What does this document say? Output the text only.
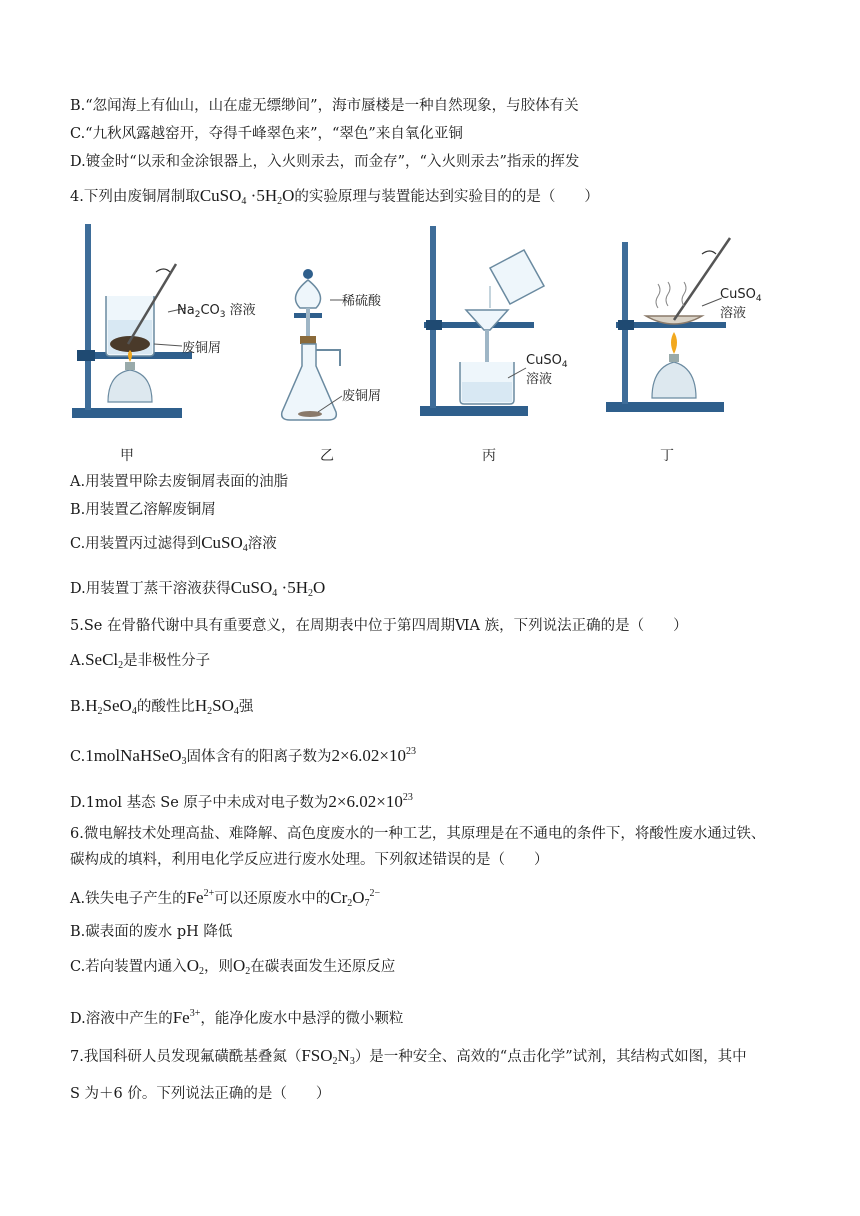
B.“忽闻海上有仙山，山在虚无缥缈间”，海市蜃楼是一种自然现象，与胶体有关
C.“九秋风露越窑开，夺得千峰翠色来”，“翠色”来自氧化亚铜
D.镀金时“以汞和金涂银器上，入火则汞去，而金存”，“入火则汞去”指汞的挥发
4.下列由废铜屑制取CuSO$_4$ $\cdot 5H_2O$的实验原理与装置能达到实验目的的是（　　）
$Na_2CO_3$ 溶液
废铜屑
稀硫酸
废铜屑
CuSO$_4$
溶液
CuSO$_4$
溶液
甲	乙	丙	丁
A.用装置甲除去废铜屑表面的油脂
B.用装置乙溶解废铜屑
C.用装置丙过滤得到CuSO$_4$溶液
D.用装置丁蒸干溶液获得CuSO$_4$ $\cdot 5H_2O$
5.Se 在骨骼代谢中具有重要意义，在周期表中位于第四周期ⅥA 族，下列说法正确的是（　　）
A.SeCl$_2$是非极性分子
$B.H_2SeO_4$的酸性比$H_2SO_4$强
C.1molNaHSeO$_3$固体含有的阳离子数为$2\times 6.02\times 10^{23}$
D.1mol 基态 Se 原子中未成对电子数为$2\times 6.02\times 10^{23}$
6.微电解技术处理高盐、难降解、高色度废水的一种工艺，其原理是在不通电的条件下，将酸性废水通过铁、
碳构成的填料，利用电化学反应进行废水处理。下列叙述错误的是（　　）
A.铁失电子产生的$Fe^{2+}$可以还原废水中的$Cr_2O_7^{2-}$
B.碳表面的废水 pH 降低
C.若向装置内通入$O_2$，则$O_2$在碳表面发生还原反应
D.溶液中产生的$Fe^{3+}$，能净化废水中悬浮的微小颗粒
7.我国科研人员发现氟磺酰基叠氮$(FSO_2N_3)$是一种安全、高效的“点击化学”试剂，其结构式如图，其中
S 为＋6 价。下列说法正确的是（　　）
